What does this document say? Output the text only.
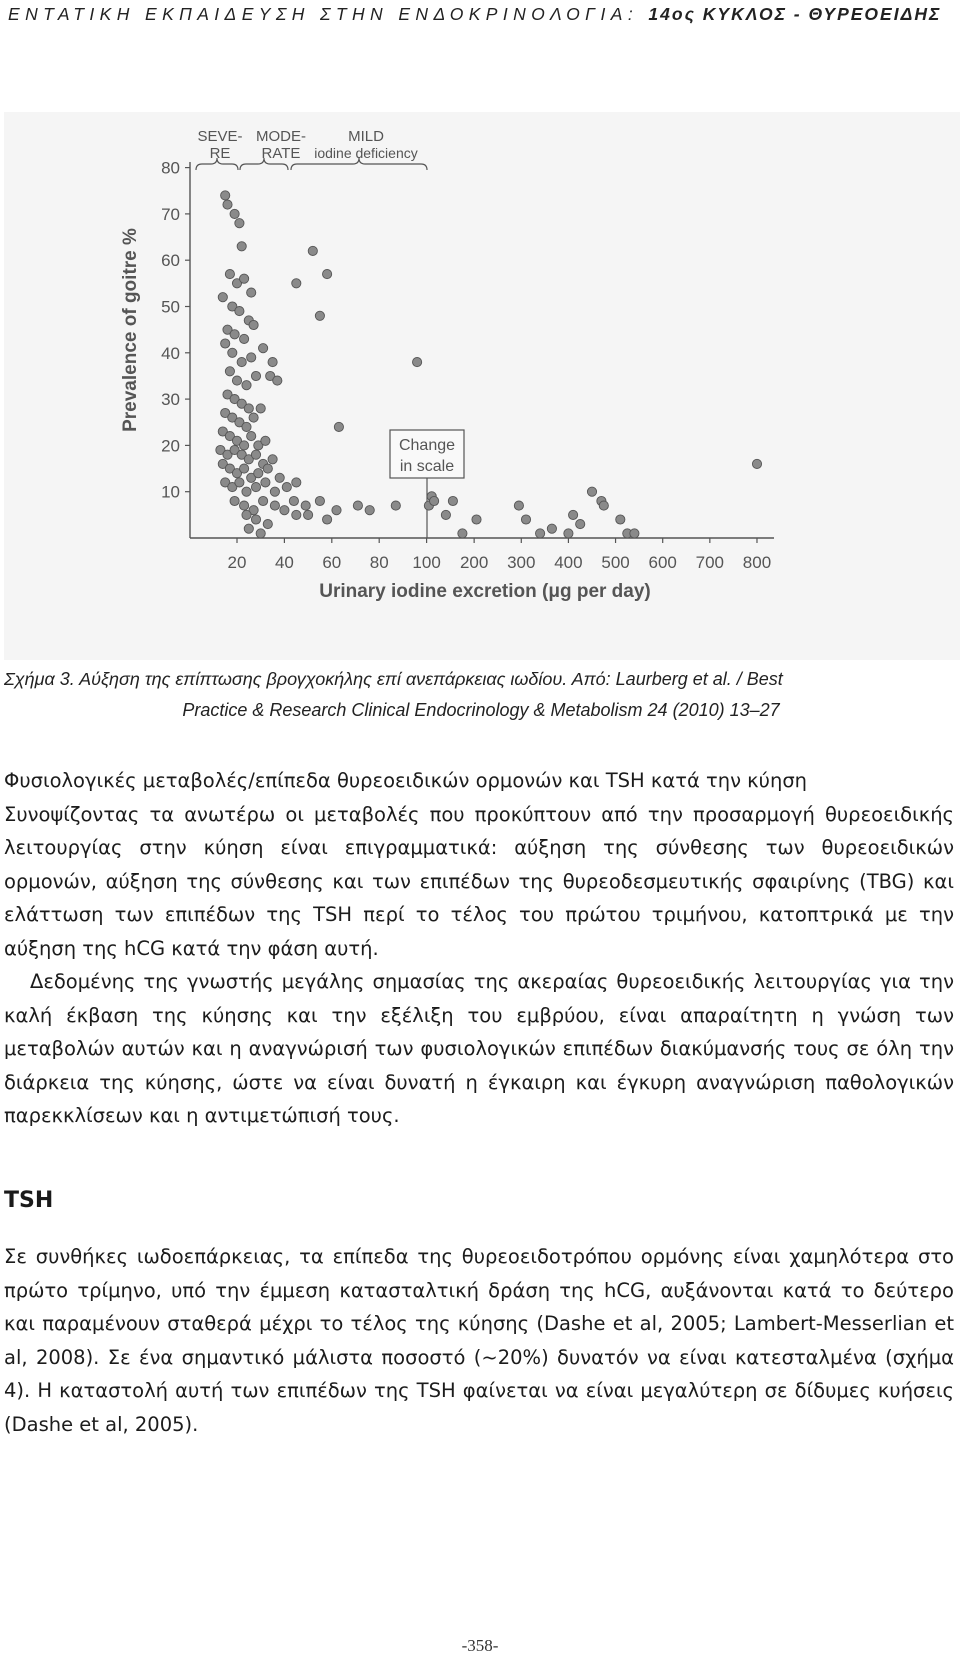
ΕΝΤΑΤΙΚΗ ΕΚΠΑΙΔΕΥΣΗ ΣΤΗΝ ΕΝΔΟΚΡΙΝΟΛΟΓΙΑ: 14ος ΚΥΚΛΟΣ - ΘΥΡΕΟΕΙΔΗΣ
10
20
30
40
50
60
70
80
20 40 60 80 100 200 300 400 500 600 700 800
SEVE-
RE
MODE-
RATE
MILD
iodine deficiency
Change
in scale
Urinary iodine excretion (μg per day)
Prevalence of goitre %
Σχήμα 3. Αύξηση της επίπτωσης βρογχοκήλης επί ανεπάρκειας ιωδίου. Από: Laurberg et al. / Best
Practice & Research Clinical Endocrinology & Metabolism 24 (2010) 13–27

Φυσιολογικές μεταβολές/επίπεδα θυρεοειδικών ορμονών και TSH κατά την κύηση

Συνοψίζοντας τα ανωτέρω οι μεταβολές που προκύπτουν από την προσαρμογή θυρεοειδικής λειτουργίας στην κύηση είναι επιγραμματικά: αύξηση της σύνθεσης των θυρεοειδικών ορμονών, αύξηση της σύνθεσης και των επιπέδων της θυρεοδεσμευτικής σφαιρίνης (TBG) και ελάττωση των επιπέδων της TSH περί το τέλος του πρώτου τριμήνου, κατοπτρικά με την αύξηση της hCG κατά την φάση αυτή.

Δεδομένης της γνωστής μεγάλης σημασίας της ακεραίας θυρεοειδικής λειτουργίας για την καλή έκβαση της κύησης και την εξέλιξη του εμβρύου, είναι απαραίτητη η γνώση των μεταβολών αυτών και η αναγνώρισή των φυσιολογικών επιπέδων διακύμανσής τους σε όλη την διάρκεια της κύησης, ώστε να είναι δυνατή η έγκαιρη και έγκυρη αναγνώριση παθολογικών παρεκκλίσεων και η αντιμετώπισή τους.

TSH

Σε συνθήκες ιωδοεπάρκειας, τα επίπεδα της θυρεοειδοτρόπου ορμόνης είναι χαμηλότερα στο πρώτο τρίμηνο, υπό την έμμεση κατασταλτική δράση της hCG, αυξάνονται κατά το δεύτερο και παραμένουν σταθερά μέχρι το τέλος της κύησης (Dashe et al, 2005; Lambert-Messerlian et al, 2008). Σε ένα σημαντικό μάλιστα ποσοστό (~20%) δυνατόν να είναι κατεσταλμένα (σχήμα 4). Η καταστολή αυτή των επιπέδων της TSH φαίνεται να είναι μεγαλύτερη σε δίδυμες κυήσεις (Dashe et al, 2005).

-358-
